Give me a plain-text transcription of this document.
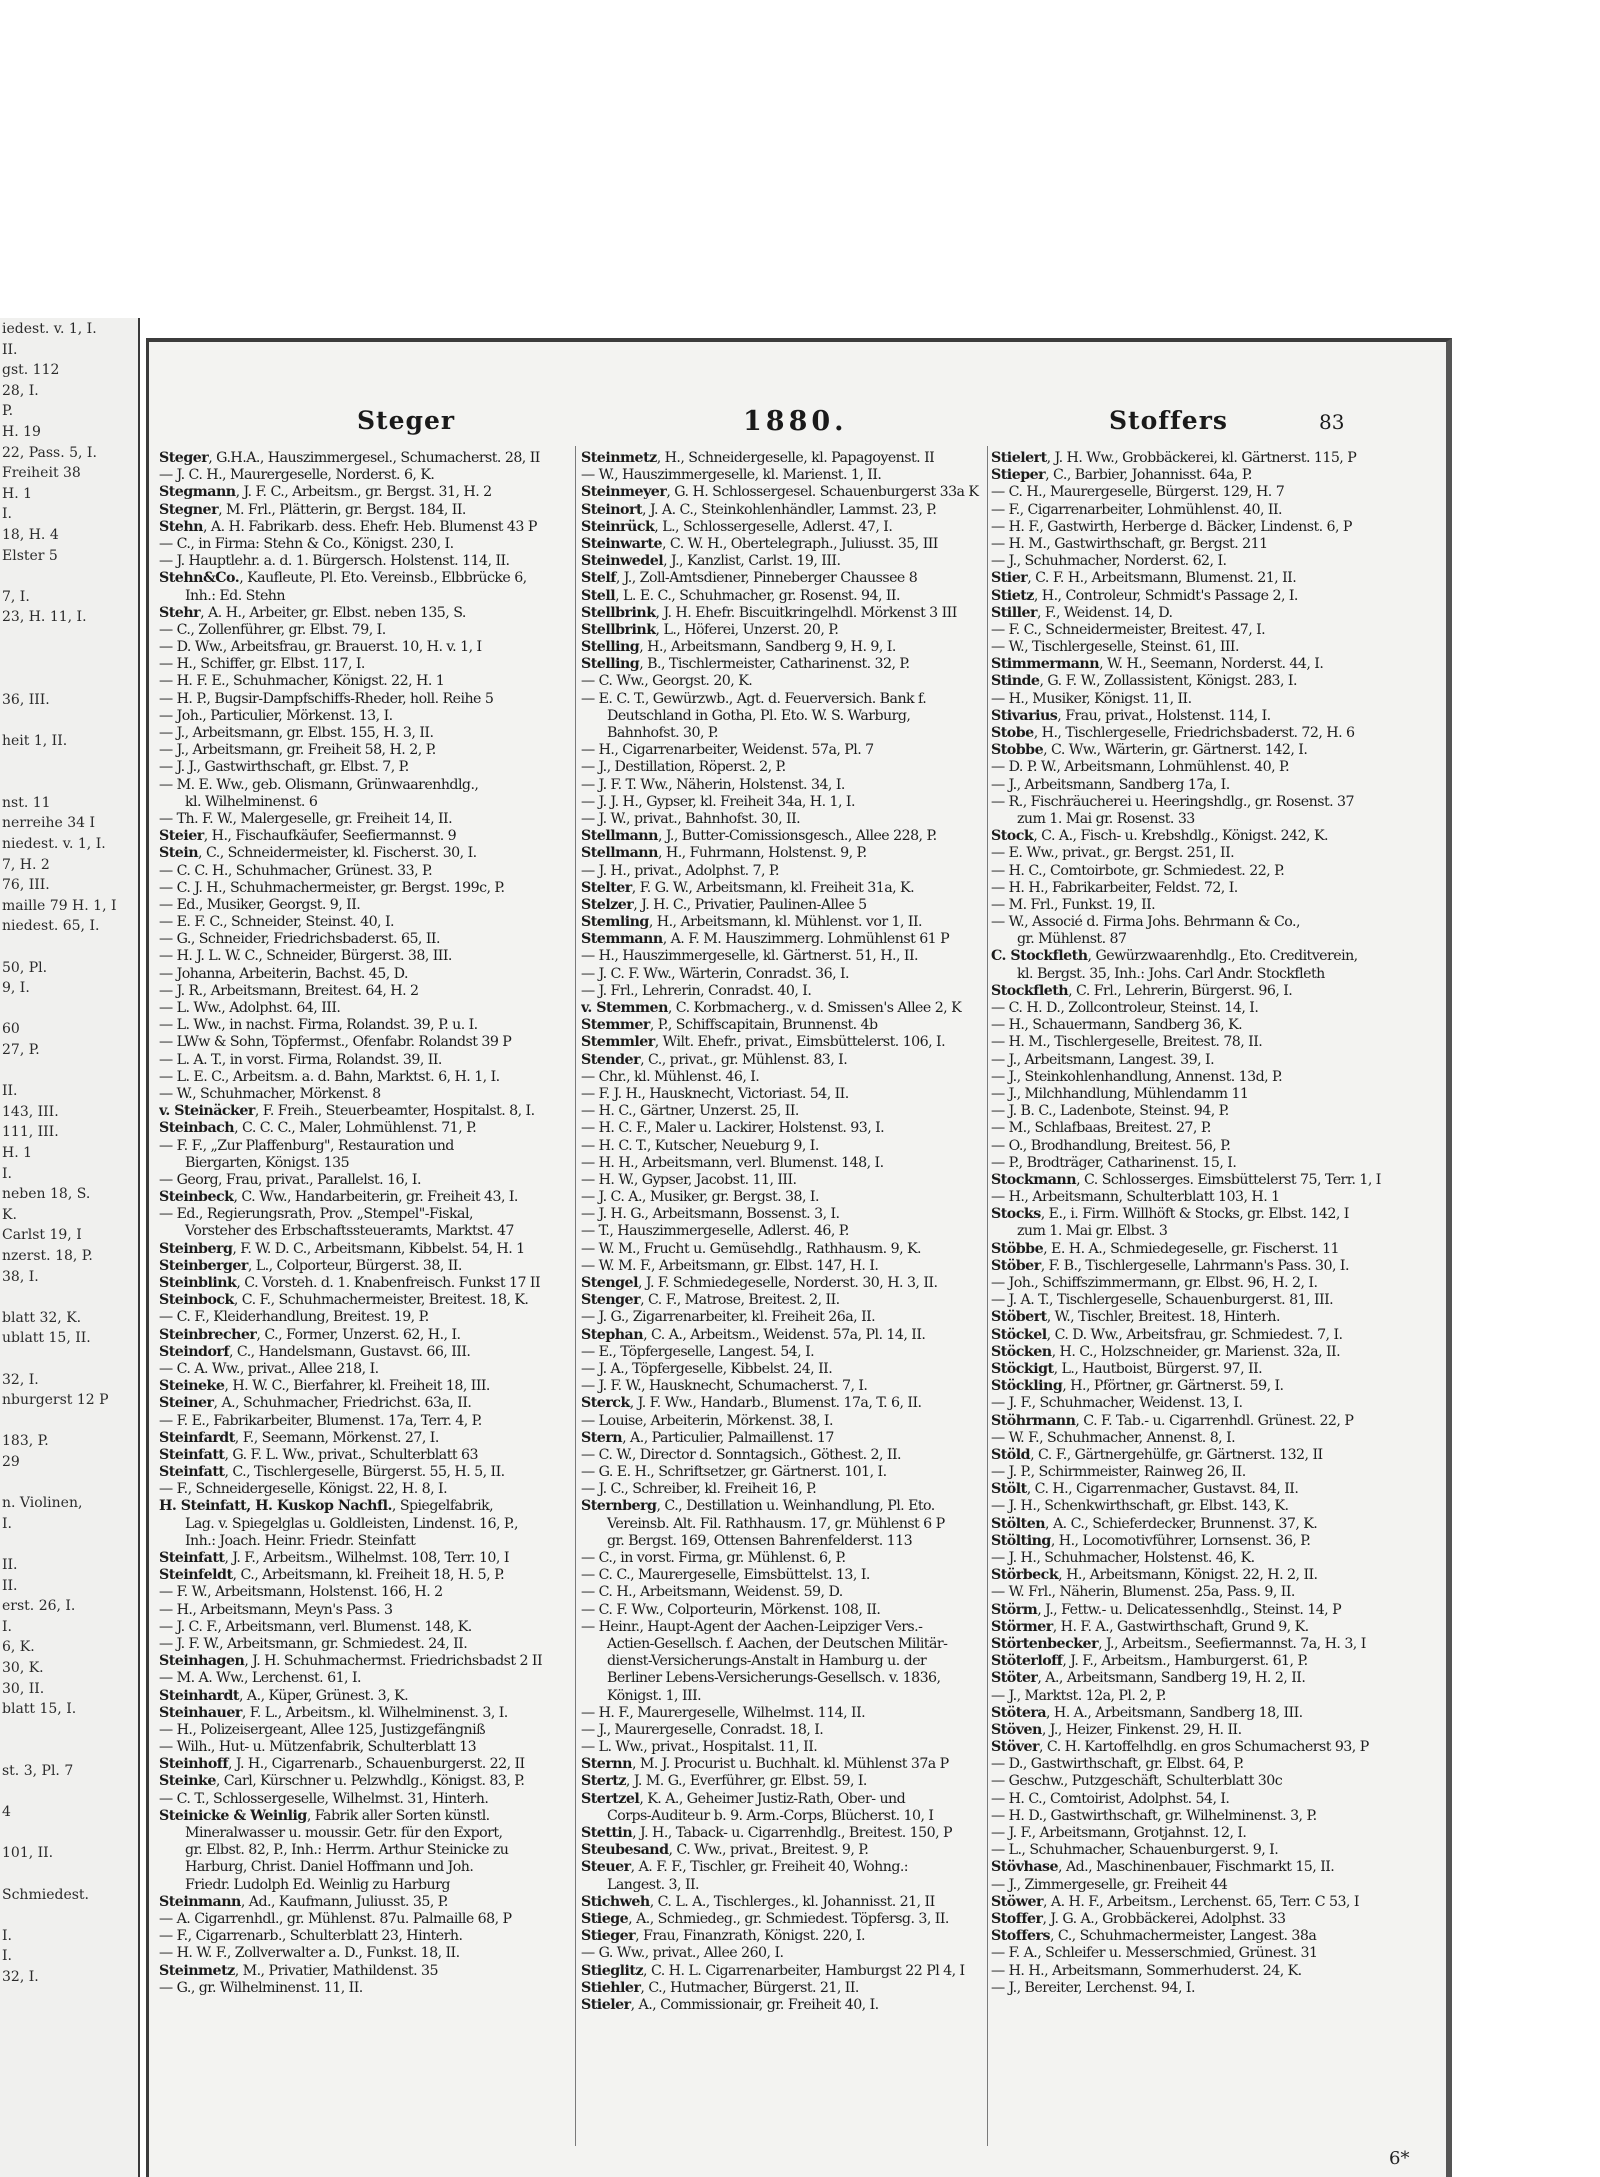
iedest. v. 1, I.
II.
gst. 112
28, I.
P.
H. 19
22, Pass. 5, I.
Freiheit 38
H. 1
I.
18, H. 4
Elster 5
7, I.
23, H. 11, I.
36, III.
heit 1, II.
nst. 11
nerreihe 34 I
niedest. v. 1, I.
7, H. 2
76, III.
maille 79 H. 1, I
niedest. 65, I.
50, Pl.
9, I.
60
27, P.
II.
143, III.
111, III.
H. 1
I.
neben 18, S.
K.
Carlst 19, I
nzerst. 18, P.
38, I.
blatt 32, K.
ublatt 15, II.
32, I.
nburgerst 12 P
183, P.
29
n. Violinen,
I.
II.
II.
erst. 26, I.
I.
6, K.
30, K.
30, II.
blatt 15, I.
st. 3, Pl. 7
4
101, II.
Schmiedest.
I.
I.
32, I.
Steger	1880.	Stoffers	83
Steger, G.H.A., Hauszimmergesel., Schumacherst. 28, II
— J. C. H., Maurergeselle, Norderst. 6, K.
Stegmann, J. F. C., Arbeitsm., gr. Bergst. 31, H. 2
Stegner, M. Frl., Plätterin, gr. Bergst. 184, II.
Stehn, A. H. Fabrikarb. dess. Ehefr. Heb. Blumenst 43 P
— C., in Firma: Stehn & Co., Königst. 230, I.
— J. Hauptlehr. a. d. 1. Bürgersch. Holstenst. 114, II.
Stehn&Co., Kaufleute, Pl. Eto. Vereinsb., Elbbrücke 6,
Inh.: Ed. Stehn
Stehr, A. H., Arbeiter, gr. Elbst. neben 135, S.
— C., Zollenführer, gr. Elbst. 79, I.
— D. Ww., Arbeitsfrau, gr. Brauerst. 10, H. v. 1, I
— H., Schiffer, gr. Elbst. 117, I.
— H. F. E., Schuhmacher, Königst. 22, H. 1
— H. P., Bugsir-Dampfschiffs-Rheder, holl. Reihe 5
— Joh., Particulier, Mörkenst. 13, I.
— J., Arbeitsmann, gr. Elbst. 155, H. 3, II.
— J., Arbeitsmann, gr. Freiheit 58, H. 2, P.
— J. J., Gastwirthschaft, gr. Elbst. 7, P.
— M. E. Ww., geb. Olismann, Grünwaarenhdlg.,
kl. Wilhelminenst. 6
— Th. F. W., Malergeselle, gr. Freiheit 14, II.
Steier, H., Fischaufkäufer, Seefiermannst. 9
Stein, C., Schneidermeister, kl. Fischerst. 30, I.
— C. C. H., Schuhmacher, Grünest. 33, P.
— C. J. H., Schuhmachermeister, gr. Bergst. 199c, P.
— Ed., Musiker, Georgst. 9, II.
— E. F. C., Schneider, Steinst. 40, I.
— G., Schneider, Friedrichsbaderst. 65, II.
— H. J. L. W. C., Schneider, Bürgerst. 38, III.
— Johanna, Arbeiterin, Bachst. 45, D.
— J. R., Arbeitsmann, Breitest. 64, H. 2
— L. Ww., Adolphst. 64, III.
— L. Ww., in nachst. Firma, Rolandst. 39, P. u. I.
— LWw & Sohn, Töpfermst., Ofenfabr. Rolandst 39 P
— L. A. T., in vorst. Firma, Rolandst. 39, II.
— L. E. C., Arbeitsm. a. d. Bahn, Marktst. 6, H. 1, I.
— W., Schuhmacher, Mörkenst. 8
v. Steinäcker, F. Freih., Steuerbeamter, Hospitalst. 8, I.
Steinbach, C. C. C., Maler, Lohmühlenst. 71, P.
— F. F., „Zur Plaffenburg", Restauration und
Biergarten, Königst. 135
— Georg, Frau, privat., Parallelst. 16, I.
Steinbeck, C. Ww., Handarbeiterin, gr. Freiheit 43, I.
— Ed., Regierungsrath, Prov. „Stempel"-Fiskal,
Vorsteher des Erbschaftssteueramts, Marktst. 47
Steinberg, F. W. D. C., Arbeitsmann, Kibbelst. 54, H. 1
Steinberger, L., Colporteur, Bürgerst. 38, II.
Steinblink, C. Vorsteh. d. 1. Knabenfreisch. Funkst 17 II
Steinbock, C. F., Schuhmachermeister, Breitest. 18, K.
— C. F., Kleiderhandlung, Breitest. 19, P.
Steinbrecher, C., Former, Unzerst. 62, H., I.
Steindorf, C., Handelsmann, Gustavst. 66, III.
— C. A. Ww., privat., Allee 218, I.
Steineke, H. W. C., Bierfahrer, kl. Freiheit 18, III.
Steiner, A., Schuhmacher, Friedrichst. 63a, II.
— F. E., Fabrikarbeiter, Blumenst. 17a, Terr. 4, P.
Steinfardt, F., Seemann, Mörkenst. 27, I.
Steinfatt, G. F. L. Ww., privat., Schulterblatt 63
Steinfatt, C., Tischlergeselle, Bürgerst. 55, H. 5, II.
— F., Schneidergeselle, Königst. 22, H. 8, I.
H. Steinfatt, H. Kuskop Nachfl., Spiegelfabrik,
Lag. v. Spiegelglas u. Goldleisten, Lindenst. 16, P.,
Inh.: Joach. Heinr. Friedr. Steinfatt
Steinfatt, J. F., Arbeitsm., Wilhelmst. 108, Terr. 10, I
Steinfeldt, C., Arbeitsmann, kl. Freiheit 18, H. 5, P.
— F. W., Arbeitsmann, Holstenst. 166, H. 2
— H., Arbeitsmann, Meyn's Pass. 3
— J. C. F., Arbeitsmann, verl. Blumenst. 148, K.
— J. F. W., Arbeitsmann, gr. Schmiedest. 24, II.
Steinhagen, J. H. Schuhmachermst. Friedrichsbadst 2 II
— M. A. Ww., Lerchenst. 61, I.
Steinhardt, A., Küper, Grünest. 3, K.
Steinhauer, F. L., Arbeitsm., kl. Wilhelminenst. 3, I.
— H., Polizeisergeant, Allee 125, Justizgefängniß
— Wilh., Hut- u. Mützenfabrik, Schulterblatt 13
Steinhoff, J. H., Cigarrenarb., Schauenburgerst. 22, II
Steinke, Carl, Kürschner u. Pelzwhdlg., Königst. 83, P.
— C. T., Schlossergeselle, Wilhelmst. 31, Hinterh.
Steinicke & Weinlig, Fabrik aller Sorten künstl.
Mineralwasser u. moussir. Getr. für den Export,
gr. Elbst. 82, P., Inh.: Herrm. Arthur Steinicke zu
Harburg, Christ. Daniel Hoffmann und Joh.
Friedr. Ludolph Ed. Weinlig zu Harburg
Steinmann, Ad., Kaufmann, Juliusst. 35, P.
— A. Cigarrenhdl., gr. Mühlenst. 87u. Palmaille 68, P
— F., Cigarrenarb., Schulterblatt 23, Hinterh.
— H. W. F., Zollverwalter a. D., Funkst. 18, II.
Steinmetz, M., Privatier, Mathildenst. 35
— G., gr. Wilhelminenst. 11, II.
Steinmetz, H., Schneidergeselle, kl. Papagoyenst. II
— W., Hauszimmergeselle, kl. Marienst. 1, II.
Steinmeyer, G. H. Schlossergesel. Schauenburgerst 33a K
Steinort, J. A. C., Steinkohlenhändler, Lammst. 23, P.
Steinrück, L., Schlossergeselle, Adlerst. 47, I.
Steinwarte, C. W. H., Obertelegraph., Juliusst. 35, III
Steinwedel, J., Kanzlist, Carlst. 19, III.
Stelf, J., Zoll-Amtsdiener, Pinneberger Chaussee 8
Stell, L. E. C., Schuhmacher, gr. Rosenst. 94, II.
Stellbrink, J. H. Ehefr. Biscuitkringelhdl. Mörkenst 3 III
Stellbrink, L., Höferei, Unzerst. 20, P.
Stelling, H., Arbeitsmann, Sandberg 9, H. 9, I.
Stelling, B., Tischlermeister, Catharinenst. 32, P.
— C. Ww., Georgst. 20, K.
— E. C. T., Gewürzwb., Agt. d. Feuerversich. Bank f.
Deutschland in Gotha, Pl. Eto. W. S. Warburg,
Bahnhofst. 30, P.
— H., Cigarrenarbeiter, Weidenst. 57a, Pl. 7
— J., Destillation, Röperst. 2, P.
— J. F. T. Ww., Näherin, Holstenst. 34, I.
— J. J. H., Gypser, kl. Freiheit 34a, H. 1, I.
— J. W., privat., Bahnhofst. 30, II.
Stellmann, J., Butter-Comissionsgesch., Allee 228, P.
Stellmann, H., Fuhrmann, Holstenst. 9, P.
— J. H., privat., Adolphst. 7, P.
Stelter, F. G. W., Arbeitsmann, kl. Freiheit 31a, K.
Stelzer, J. H. C., Privatier, Paulinen-Allee 5
Stemling, H., Arbeitsmann, kl. Mühlenst. vor 1, II.
Stemmann, A. F. M. Hauszimmerg. Lohmühlenst 61 P
— H., Hauszimmergeselle, kl. Gärtnerst. 51, H., II.
— J. C. F. Ww., Wärterin, Conradst. 36, I.
— J. Frl., Lehrerin, Conradst. 40, I.
v. Stemmen, C. Korbmacherg., v. d. Smissen's Allee 2, K
Stemmer, P., Schiffscapitain, Brunnenst. 4b
Stemmler, Wilt. Ehefr., privat., Eimsbüttelerst. 106, I.
Stender, C., privat., gr. Mühlenst. 83, I.
— Chr., kl. Mühlenst. 46, I.
— F. J. H., Hausknecht, Victoriast. 54, II.
— H. C., Gärtner, Unzerst. 25, II.
— H. C. F., Maler u. Lackirer, Holstenst. 93, I.
— H. C. T., Kutscher, Neueburg 9, I.
— H. H., Arbeitsmann, verl. Blumenst. 148, I.
— H. W., Gypser, Jacobst. 11, III.
— J. C. A., Musiker, gr. Bergst. 38, I.
— J. H. G., Arbeitsmann, Bossenst. 3, I.
— T., Hauszimmergeselle, Adlerst. 46, P.
— W. M., Frucht u. Gemüsehdlg., Rathhausm. 9, K.
— W. M. F., Arbeitsmann, gr. Elbst. 147, H. I.
Stengel, J. F. Schmiedegeselle, Norderst. 30, H. 3, II.
Stenger, C. F., Matrose, Breitest. 2, II.
— J. G., Zigarrenarbeiter, kl. Freiheit 26a, II.
Stephan, C. A., Arbeitsm., Weidenst. 57a, Pl. 14, II.
— E., Töpfergeselle, Langest. 54, I.
— J. A., Töpfergeselle, Kibbelst. 24, II.
— J. F. W., Hausknecht, Schumacherst. 7, I.
Sterck, J. F. Ww., Handarb., Blumenst. 17a, T. 6, II.
— Louise, Arbeiterin, Mörkenst. 38, I.
Stern, A., Particulier, Palmaillenst. 17
— C. W., Director d. Sonntagsich., Göthest. 2, II.
— G. E. H., Schriftsetzer, gr. Gärtnerst. 101, I.
— J. C., Schreiber, kl. Freiheit 16, P.
Sternberg, C., Destillation u. Weinhandlung, Pl. Eto.
Vereinsb. Alt. Fil. Rathhausm. 17, gr. Mühlenst 6 P
gr. Bergst. 169, Ottensen Bahrenfelderst. 113
— C., in vorst. Firma, gr. Mühlenst. 6, P.
— C. C., Maurergeselle, Eimsbüttelst. 13, I.
— C. H., Arbeitsmann, Weidenst. 59, D.
— C. F. Ww., Colporteurin, Mörkenst. 108, II.
— Heinr., Haupt-Agent der Aachen-Leipziger Vers.-
Actien-Gesellsch. f. Aachen, der Deutschen Militär-
dienst-Versicherungs-Anstalt in Hamburg u. der
Berliner Lebens-Versicherungs-Gesellsch. v. 1836,
Königst. 1, III.
— H. F., Maurergeselle, Wilhelmst. 114, II.
— J., Maurergeselle, Conradst. 18, I.
— L. Ww., privat., Hospitalst. 11, II.
Sternn, M. J. Procurist u. Buchhalt. kl. Mühlenst 37a P
Stertz, J. M. G., Everführer, gr. Elbst. 59, I.
Stertzel, K. A., Geheimer Justiz-Rath, Ober- und
Corps-Auditeur b. 9. Arm.-Corps, Blücherst. 10, I
Stettin, J. H., Taback- u. Cigarrenhdlg., Breitest. 150, P
Steubesand, C. Ww., privat., Breitest. 9, P.
Steuer, A. F. F., Tischler, gr. Freiheit 40, Wohng.:
Langest. 3, II.
Stichweh, C. L. A., Tischlerges., kl. Johannisst. 21, II
Stiege, A., Schmiedeg., gr. Schmiedest. Töpfersg. 3, II.
Stieger, Frau, Finanzrath, Königst. 220, I.
— G. Ww., privat., Allee 260, I.
Stieglitz, C. H. L. Cigarrenarbeiter, Hamburgst 22 Pl 4, I
Stiehler, C., Hutmacher, Bürgerst. 21, II.
Stieler, A., Commissionair, gr. Freiheit 40, I.
Stielert, J. H. Ww., Grobbäckerei, kl. Gärtnerst. 115, P
Stieper, C., Barbier, Johannisst. 64a, P.
— C. H., Maurergeselle, Bürgerst. 129, H. 7
— F., Cigarrenarbeiter, Lohmühlenst. 40, II.
— H. F., Gastwirth, Herberge d. Bäcker, Lindenst. 6, P
— H. M., Gastwirthschaft, gr. Bergst. 211
— J., Schuhmacher, Norderst. 62, I.
Stier, C. F. H., Arbeitsmann, Blumenst. 21, II.
Stietz, H., Controleur, Schmidt's Passage 2, I.
Stiller, F., Weidenst. 14, D.
— F. C., Schneidermeister, Breitest. 47, I.
— W., Tischlergeselle, Steinst. 61, III.
Stimmermann, W. H., Seemann, Norderst. 44, I.
Stinde, G. F. W., Zollassistent, Königst. 283, I.
— H., Musiker, Königst. 11, II.
Stivarius, Frau, privat., Holstenst. 114, I.
Stobe, H., Tischlergeselle, Friedrichsbaderst. 72, H. 6
Stobbe, C. Ww., Wärterin, gr. Gärtnerst. 142, I.
— D. P. W., Arbeitsmann, Lohmühlenst. 40, P.
— J., Arbeitsmann, Sandberg 17a, I.
— R., Fischräucherei u. Heeringshdlg., gr. Rosenst. 37
zum 1. Mai gr. Rosenst. 33
Stock, C. A., Fisch- u. Krebshdlg., Königst. 242, K.
— E. Ww., privat., gr. Bergst. 251, II.
— H. C., Comtoirbote, gr. Schmiedest. 22, P.
— H. H., Fabrikarbeiter, Feldst. 72, I.
— M. Frl., Funkst. 19, II.
— W., Associé d. Firma Johs. Behrmann & Co.,
gr. Mühlenst. 87
C. Stockfleth, Gewürzwaarenhdlg., Eto. Creditverein,
kl. Bergst. 35, Inh.: Johs. Carl Andr. Stockfleth
Stockfleth, C. Frl., Lehrerin, Bürgerst. 96, I.
— C. H. D., Zollcontroleur, Steinst. 14, I.
— H., Schauermann, Sandberg 36, K.
— H. M., Tischlergeselle, Breitest. 78, II.
— J., Arbeitsmann, Langest. 39, I.
— J., Steinkohlenhandlung, Annenst. 13d, P.
— J., Milchhandlung, Mühlendamm 11
— J. B. C., Ladenbote, Steinst. 94, P.
— M., Schlafbaas, Breitest. 27, P.
— O., Brodhandlung, Breitest. 56, P.
— P., Brodträger, Catharinenst. 15, I.
Stockmann, C. Schlosserges. Eimsbüttelerst 75, Terr. 1, I
— H., Arbeitsmann, Schulterblatt 103, H. 1
Stocks, E., i. Firm. Willhöft & Stocks, gr. Elbst. 142, I
zum 1. Mai gr. Elbst. 3
Stöbbe, E. H. A., Schmiedegeselle, gr. Fischerst. 11
Stöber, F. B., Tischlergeselle, Lahrmann's Pass. 30, I.
— Joh., Schiffszimmermann, gr. Elbst. 96, H. 2, I.
— J. A. T., Tischlergeselle, Schauenburgerst. 81, III.
Stöbert, W., Tischler, Breitest. 18, Hinterh.
Stöckel, C. D. Ww., Arbeitsfrau, gr. Schmiedest. 7, I.
Stöcken, H. C., Holzschneider, gr. Marienst. 32a, II.
Stöckigt, L., Hautboist, Bürgerst. 97, II.
Stöckling, H., Pförtner, gr. Gärtnerst. 59, I.
— J. F., Schuhmacher, Weidenst. 13, I.
Stöhrmann, C. F. Tab.- u. Cigarrenhdl. Grünest. 22, P
— W. F., Schuhmacher, Annenst. 8, I.
Stöld, C. F., Gärtnergehülfe, gr. Gärtnerst. 132, II
— J. P., Schirmmeister, Rainweg 26, II.
Stölt, C. H., Cigarrenmacher, Gustavst. 84, II.
— J. H., Schenkwirthschaft, gr. Elbst. 143, K.
Stölten, A. C., Schieferdecker, Brunnenst. 37, K.
Stölting, H., Locomotivführer, Lornsenst. 36, P.
— J. H., Schuhmacher, Holstenst. 46, K.
Störbeck, H., Arbeitsmann, Königst. 22, H. 2, II.
— W. Frl., Näherin, Blumenst. 25a, Pass. 9, II.
Störm, J., Fettw.- u. Delicatessenhdlg., Steinst. 14, P
Störmer, H. F. A., Gastwirthschaft, Grund 9, K.
Störtenbecker, J., Arbeitsm., Seefiermannst. 7a, H. 3, I
Stöterloff, J. F., Arbeitsm., Hamburgerst. 61, P.
Stöter, A., Arbeitsmann, Sandberg 19, H. 2, II.
— J., Marktst. 12a, Pl. 2, P.
Stötera, H. A., Arbeitsmann, Sandberg 18, III.
Stöven, J., Heizer, Finkenst. 29, H. II.
Stöver, C. H. Kartoffelhdlg. en gros Schumacherst 93, P
— D., Gastwirthschaft, gr. Elbst. 64, P.
— Geschw., Putzgeschäft, Schulterblatt 30c
— H. C., Comtoirist, Adolphst. 54, I.
— H. D., Gastwirthschaft, gr. Wilhelminenst. 3, P.
— J. F., Arbeitsmann, Grotjahnst. 12, I.
— L., Schuhmacher, Schauenburgerst. 9, I.
Stövhase, Ad., Maschinenbauer, Fischmarkt 15, II.
— J., Zimmergeselle, gr. Freiheit 44
Stöwer, A. H. F., Arbeitsm., Lerchenst. 65, Terr. C 53, I
Stoffer, J. G. A., Grobbäckerei, Adolphst. 33
Stoffers, C., Schuhmachermeister, Langest. 38a
— F. A., Schleifer u. Messerschmied, Grünest. 31
— H. H., Arbeitsmann, Sommerhuderst. 24, K.
— J., Bereiter, Lerchenst. 94, I.
6*
